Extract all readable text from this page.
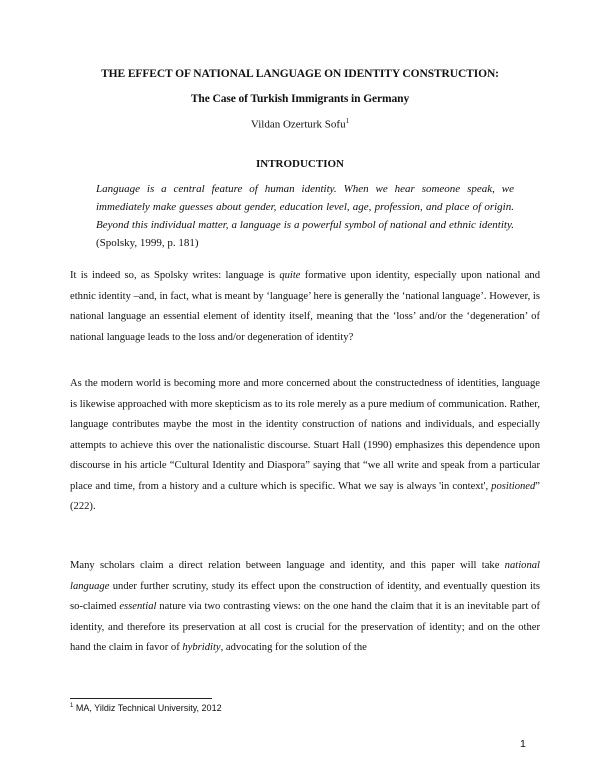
THE EFFECT OF NATIONAL LANGUAGE ON IDENTITY CONSTRUCTION:
The Case of Turkish Immigrants in Germany
Vildan Ozerturk Sofu$^1$
INTRODUCTION
Language is a central feature of human identity. When we hear someone speak, we immediately make guesses about gender, education level, age, profession, and place of origin. Beyond this individual matter, a language is a powerful symbol of national and ethnic identity. (Spolsky, 1999, p. 181)

It is indeed so, as Spolsky writes: language is quite formative upon identity, especially upon national and ethnic identity –and, in fact, what is meant by ‘language’ here is generally the ‘national language’. However, is national language an essential element of identity itself, meaning that the ‘loss’ and/or the ‘degeneration’ of national language leads to the loss and/or degeneration of identity?

As the modern world is becoming more and more concerned about the constructedness of identities, language is likewise approached with more skepticism as to its role merely as a pure medium of communication. Rather, language contributes maybe the most in the identity construction of nations and individuals, and especially attempts to achieve this over the nationalistic discourse. Stuart Hall (1990) emphasizes this dependence upon discourse in his article “Cultural Identity and Diaspora” saying that “we all write and speak from a particular place and time, from a history and a culture which is specific. What we say is always 'in context', positioned” (222).

Many scholars claim a direct relation between language and identity, and this paper will take national language under further scrutiny, study its effect upon the construction of identity, and eventually question its so-claimed essential nature via two contrasting views: on the one hand the claim that it is an inevitable part of identity, and therefore its preservation at all cost is crucial for the preservation of identity; and on the other hand the claim in favor of hybridity, advocating for the solution of the

$^1$ MA, Yildiz Technical University, 2012
1
